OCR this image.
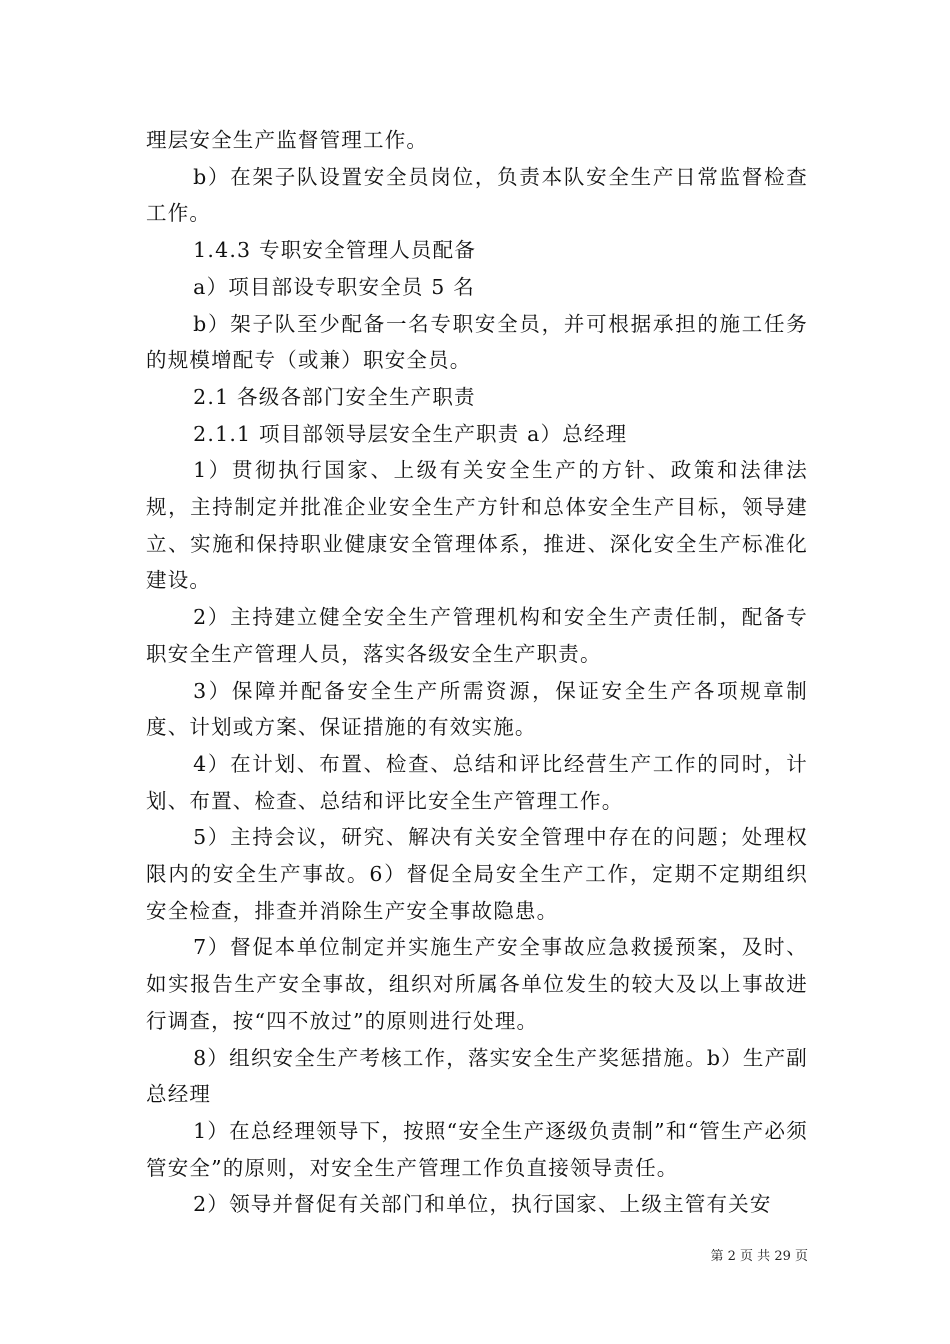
理层安全生产监督管理工作。

b）在架子队设置安全员岗位，负责本队安全生产日常监督检查工作。

1.4.3 专职安全管理人员配备

a）项目部设专职安全员 5 名

b）架子队至少配备一名专职安全员，并可根据承担的施工任务的规模增配专（或兼）职安全员。

2.1 各级各部门安全生产职责

2.1.1 项目部领导层安全生产职责 a）总经理

1）贯彻执行国家、上级有关安全生产的方针、政策和法律法规，主持制定并批准企业安全生产方针和总体安全生产目标，领导建立、实施和保持职业健康安全管理体系，推进、深化安全生产标准化建设。

2）主持建立健全安全生产管理机构和安全生产责任制，配备专职安全生产管理人员，落实各级安全生产职责。

3）保障并配备安全生产所需资源，保证安全生产各项规章制度、计划或方案、保证措施的有效实施。

4）在计划、布置、检查、总结和评比经营生产工作的同时，计划、布置、检查、总结和评比安全生产管理工作。

5）主持会议，研究、解决有关安全管理中存在的问题；处理权限内的安全生产事故。6）督促全局安全生产工作，定期不定期组织安全检查，排查并消除生产安全事故隐患。

7）督促本单位制定并实施生产安全事故应急救援预案，及时、如实报告生产安全事故，组织对所属各单位发生的较大及以上事故进行调查，按“四不放过”的原则进行处理。

8）组织安全生产考核工作，落实安全生产奖惩措施。b）生产副总经理

1）在总经理领导下，按照“安全生产逐级负责制”和“管生产必须管安全”的原则，对安全生产管理工作负直接领导责任。

2）领导并督促有关部门和单位，执行国家、上级主管有关安

第 2 页 共 29 页
